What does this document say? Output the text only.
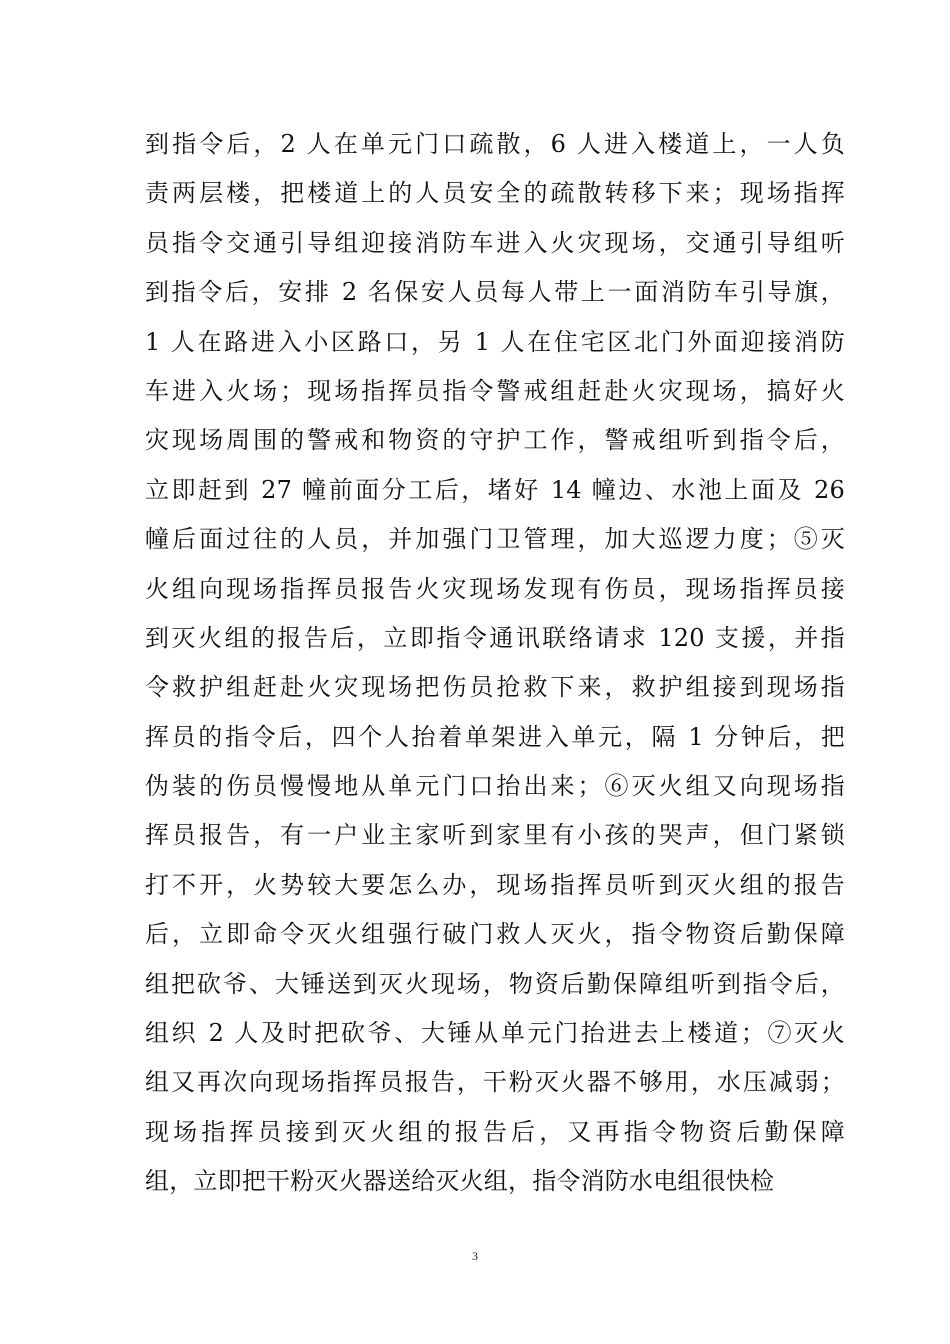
到指令后，2 人在单元门口疏散，6 人进入楼道上，一人负
责两层楼，把楼道上的人员安全的疏散转移下来；现场指挥
员指令交通引导组迎接消防车进入火灾现场，交通引导组听
到指令后，安排 2 名保安人员每人带上一面消防车引导旗，
1 人在路进入小区路口，另 1 人在住宅区北门外面迎接消防
车进入火场；现场指挥员指令警戒组赶赴火灾现场，搞好火
灾现场周围的警戒和物资的守护工作，警戒组听到指令后，
立即赶到 27 幢前面分工后，堵好 14 幢边、水池上面及 26
幢后面过往的人员，并加强门卫管理，加大巡逻力度；⑤灭
火组向现场指挥员报告火灾现场发现有伤员，现场指挥员接
到灭火组的报告后，立即指令通讯联络请求 120 支援，并指
令救护组赶赴火灾现场把伤员抢救下来，救护组接到现场指
挥员的指令后，四个人抬着单架进入单元，隔 1 分钟后，把
伪装的伤员慢慢地从单元门口抬出来；⑥灭火组又向现场指
挥员报告，有一户业主家听到家里有小孩的哭声，但门紧锁
打不开，火势较大要怎么办，现场指挥员听到灭火组的报告
后，立即命令灭火组强行破门救人灭火，指令物资后勤保障
组把砍爷、大锤送到灭火现场，物资后勤保障组听到指令后，
组织 2 人及时把砍爷、大锤从单元门抬进去上楼道；⑦灭火
组又再次向现场指挥员报告，干粉灭火器不够用，水压减弱；
现场指挥员接到灭火组的报告后，又再指令物资后勤保障
组，立即把干粉灭火器送给灭火组，指令消防水电组很快检
3
